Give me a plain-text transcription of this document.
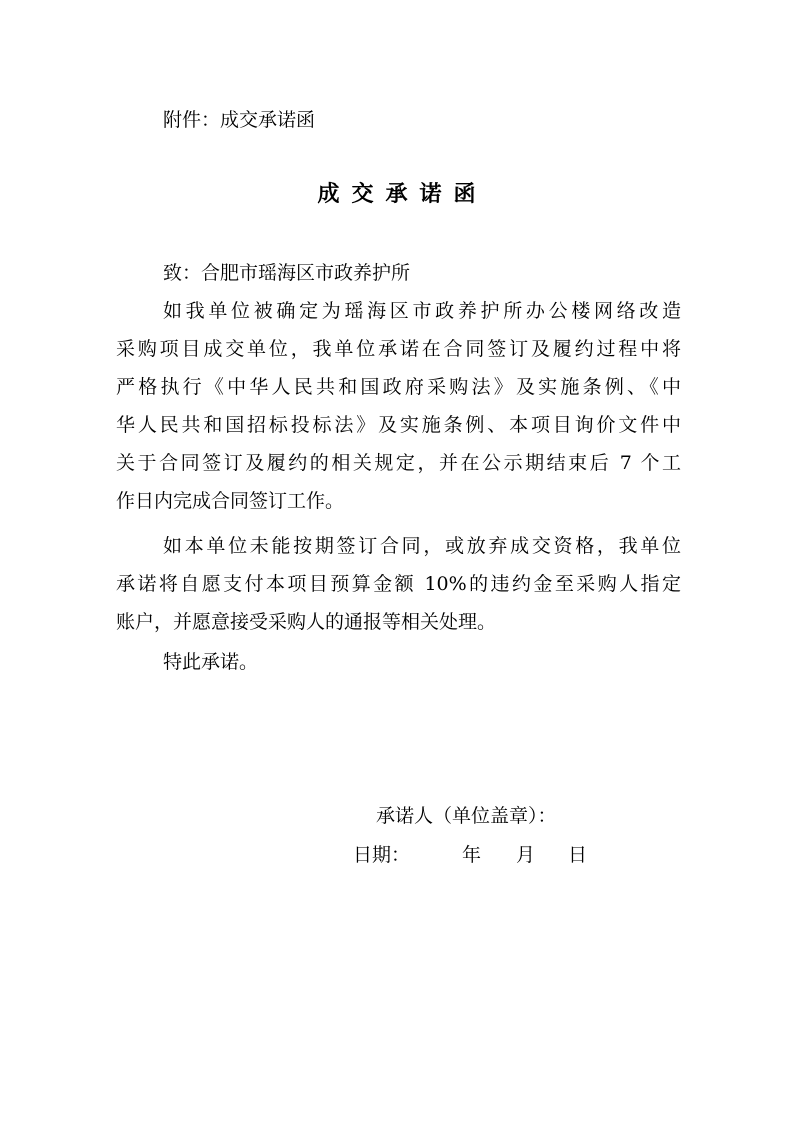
附件：成交承诺函
成交承诺函
致：合肥市瑶海区市政养护所
如我单位被确定为瑶海区市政养护所办公楼网络改造
采购项目成交单位，我单位承诺在合同签订及履约过程中将
严格执行《中华人民共和国政府采购法》及实施条例、《中
华人民共和国招标投标法》及实施条例、本项目询价文件中
关于合同签订及履约的相关规定，并在公示期结束后 7 个工
作日内完成合同签订工作。
如本单位未能按期签订合同，或放弃成交资格，我单位
承诺将自愿支付本项目预算金额 10%的违约金至采购人指定
账户，并愿意接受采购人的通报等相关处理。
特此承诺。
承诺人（单位盖章）：
日期：	年 月 日
